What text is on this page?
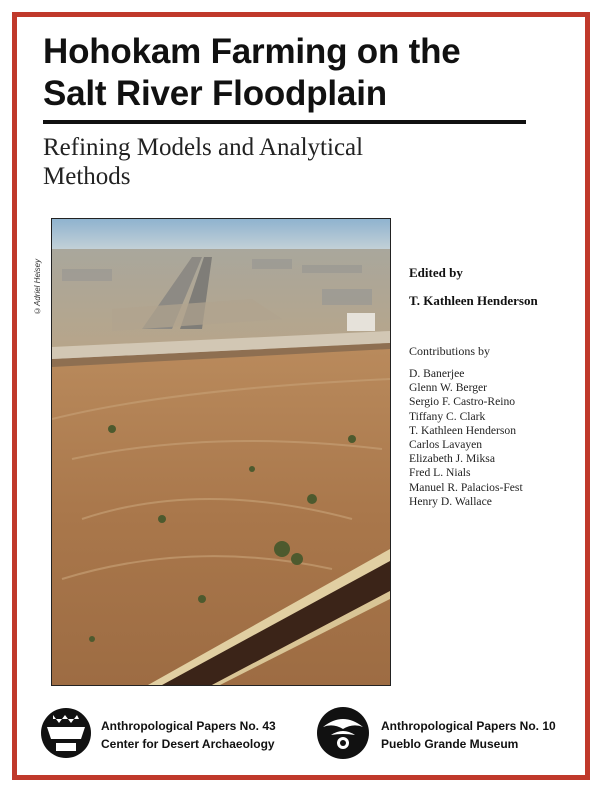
Hohokam Farming on the
Salt River Floodplain
Refining Models and Analytical
Methods
©Adriel Heisey	Edited by
T. Kathleen Henderson
Contributions by
D. Banerjee
Glenn W. Berger
Sergio F. Castro-Reino
Tiffany C. Clark
T. Kathleen Henderson
Carlos Lavayen
Elizabeth J. Miksa
Fred L. Nials
Manuel R. Palacios-Fest
Henry D. Wallace
Anthropological Papers No. 43
Center for Desert Archaeology
Anthropological Papers No. 10
Pueblo Grande Museum
